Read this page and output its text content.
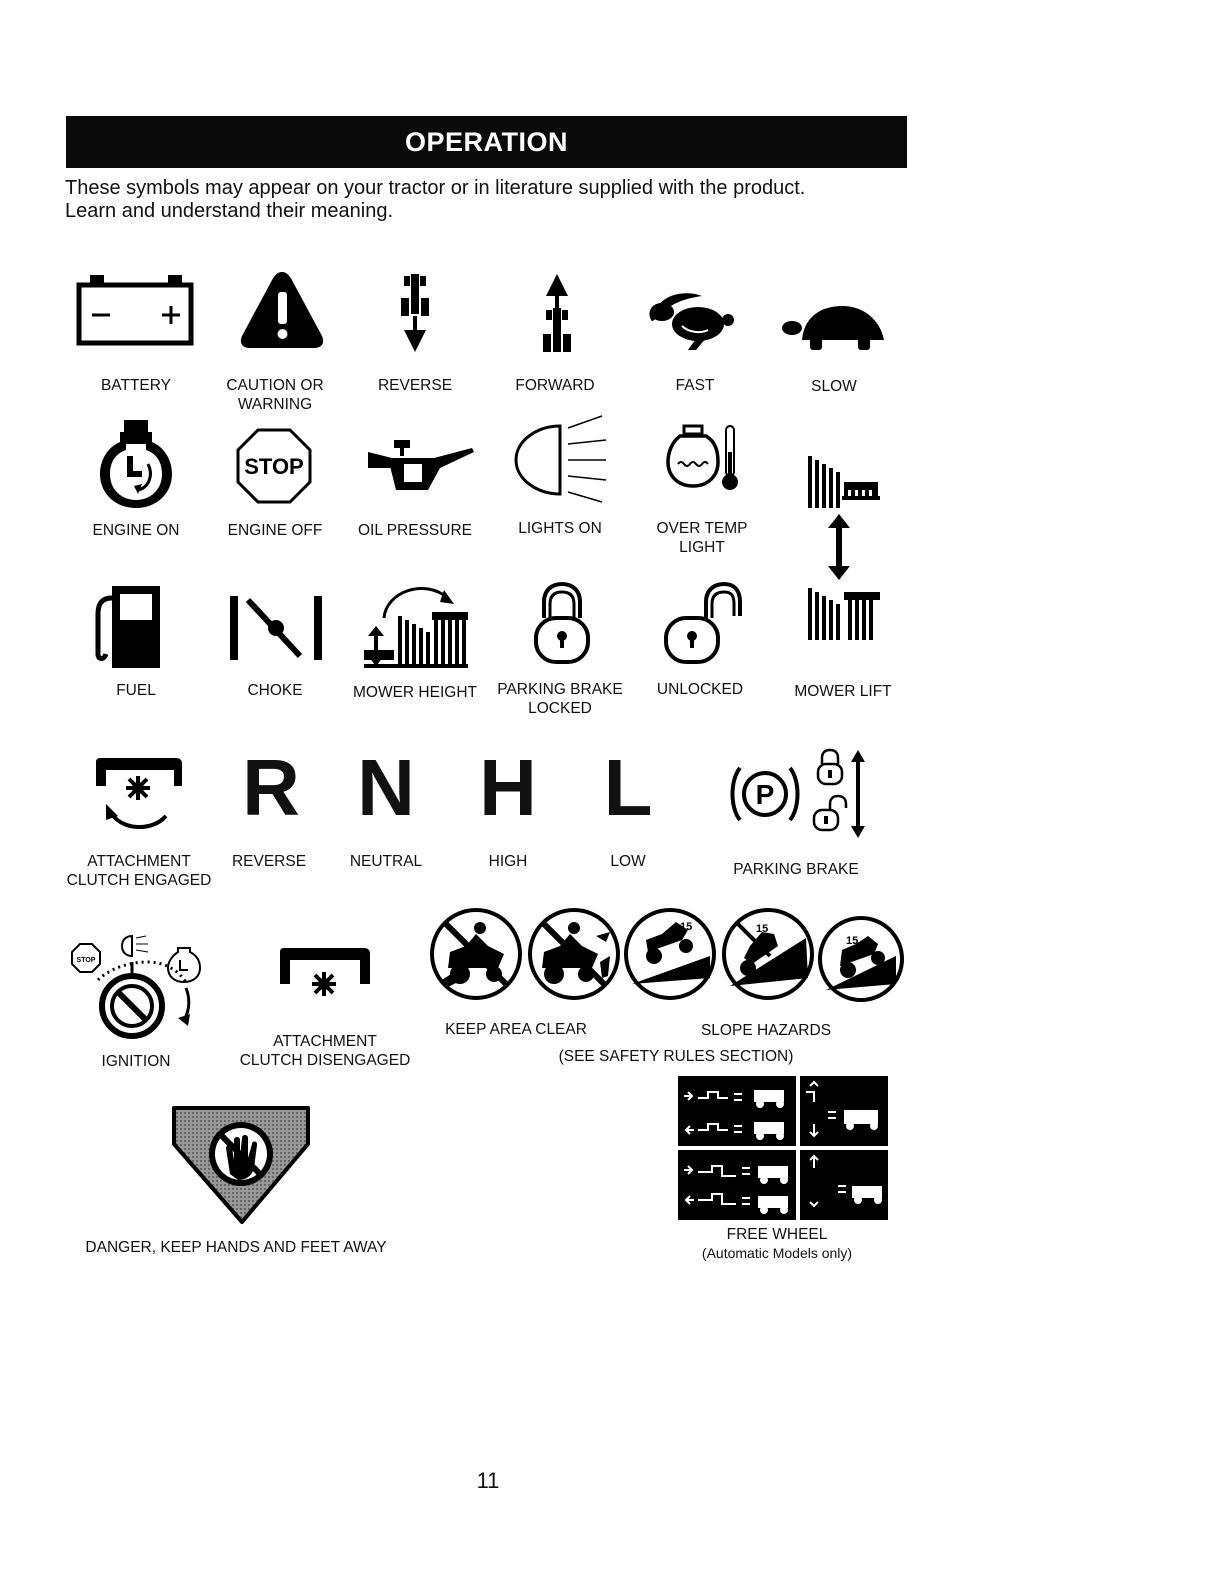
OPERATION
These symbols may appear on your tractor or in literature supplied with the product.
Learn and understand their meaning.
BATTERY	CAUTION OR
WARNING
REVERSE	FORWARD	FAST	SLOW
ENGINE ON
STOP
ENGINE OFF OIL PRESSURE	LIGHTS ON	OVER TEMP
LIGHT
FUEL	CHOKE	MOWER HEIGHT PARKING BRAKE
LOCKED
UNLOCKED	MOWER LIFT
ATTACHMENT
CLUTCH ENGAGED
R
REVERSE
N
NEUTRAL
H
HIGH
L
LOW
P
PARKING BRAKE
STOP
IGNITION
ATTACHMENT
CLUTCH DISENGAGED
15	15
15
KEEP AREA CLEAR	SLOPE HAZARDS
(SEE SAFETY RULES SECTION)
DANGER, KEEP HANDS AND FEET AWAY
FREE WHEEL
(Automatic Models only)
11
